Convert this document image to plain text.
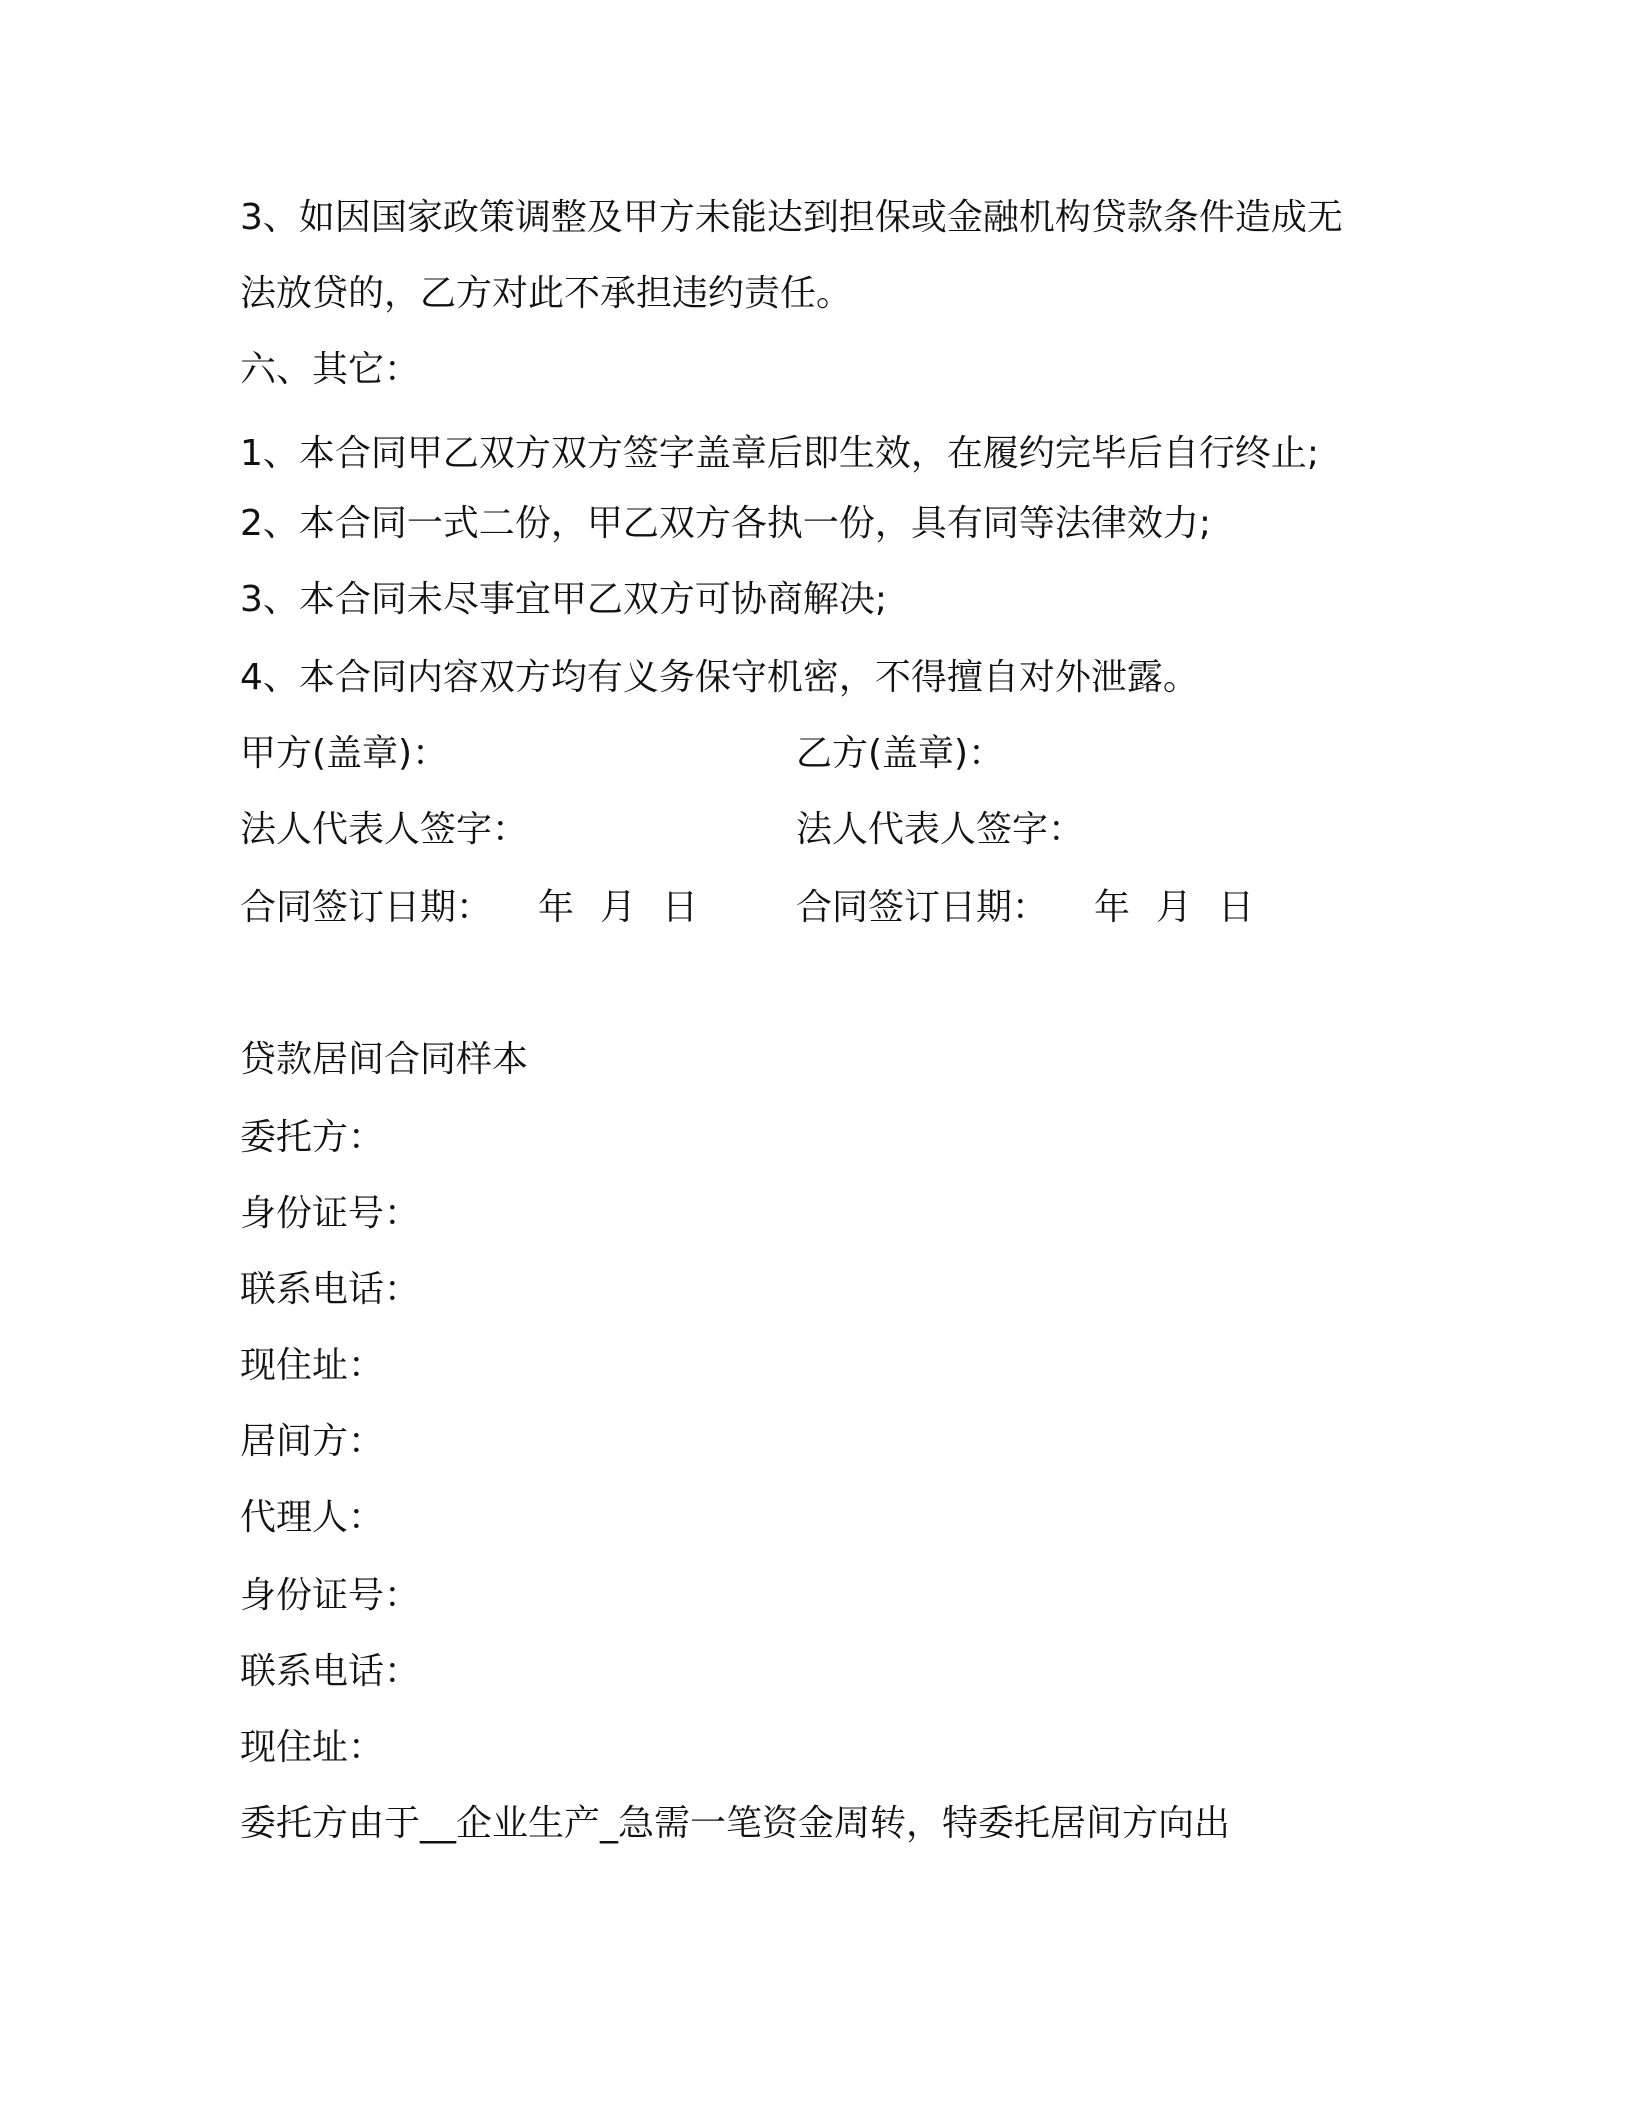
3、如因国家政策调整及甲方未能达到担保或金融机构贷款条件造成无

法放贷的，乙方对此不承担违约责任。

六、其它：

1、本合同甲乙双方双方签字盖章后即生效，在履约完毕后自行终止;

2、本合同一式二份，甲乙双方各执一份，具有同等法律效力;

3、本合同未尽事宜甲乙双方可协商解决;

4、本合同内容双方均有义务保守机密，不得擅自对外泄露。

甲方(盖章)：	乙方(盖章)：
法人代表人签字：	法人代表人签字：
合同签订日期： 年 月 日	合同签订日期： 年 月 日

贷款居间合同样本

委托方：

身份证号：

联系电话：

现住址：

居间方：

代理人：

身份证号：

联系电话：

现住址：

委托方由于__企业生产_急需一笔资金周转，特委托居间方向出
